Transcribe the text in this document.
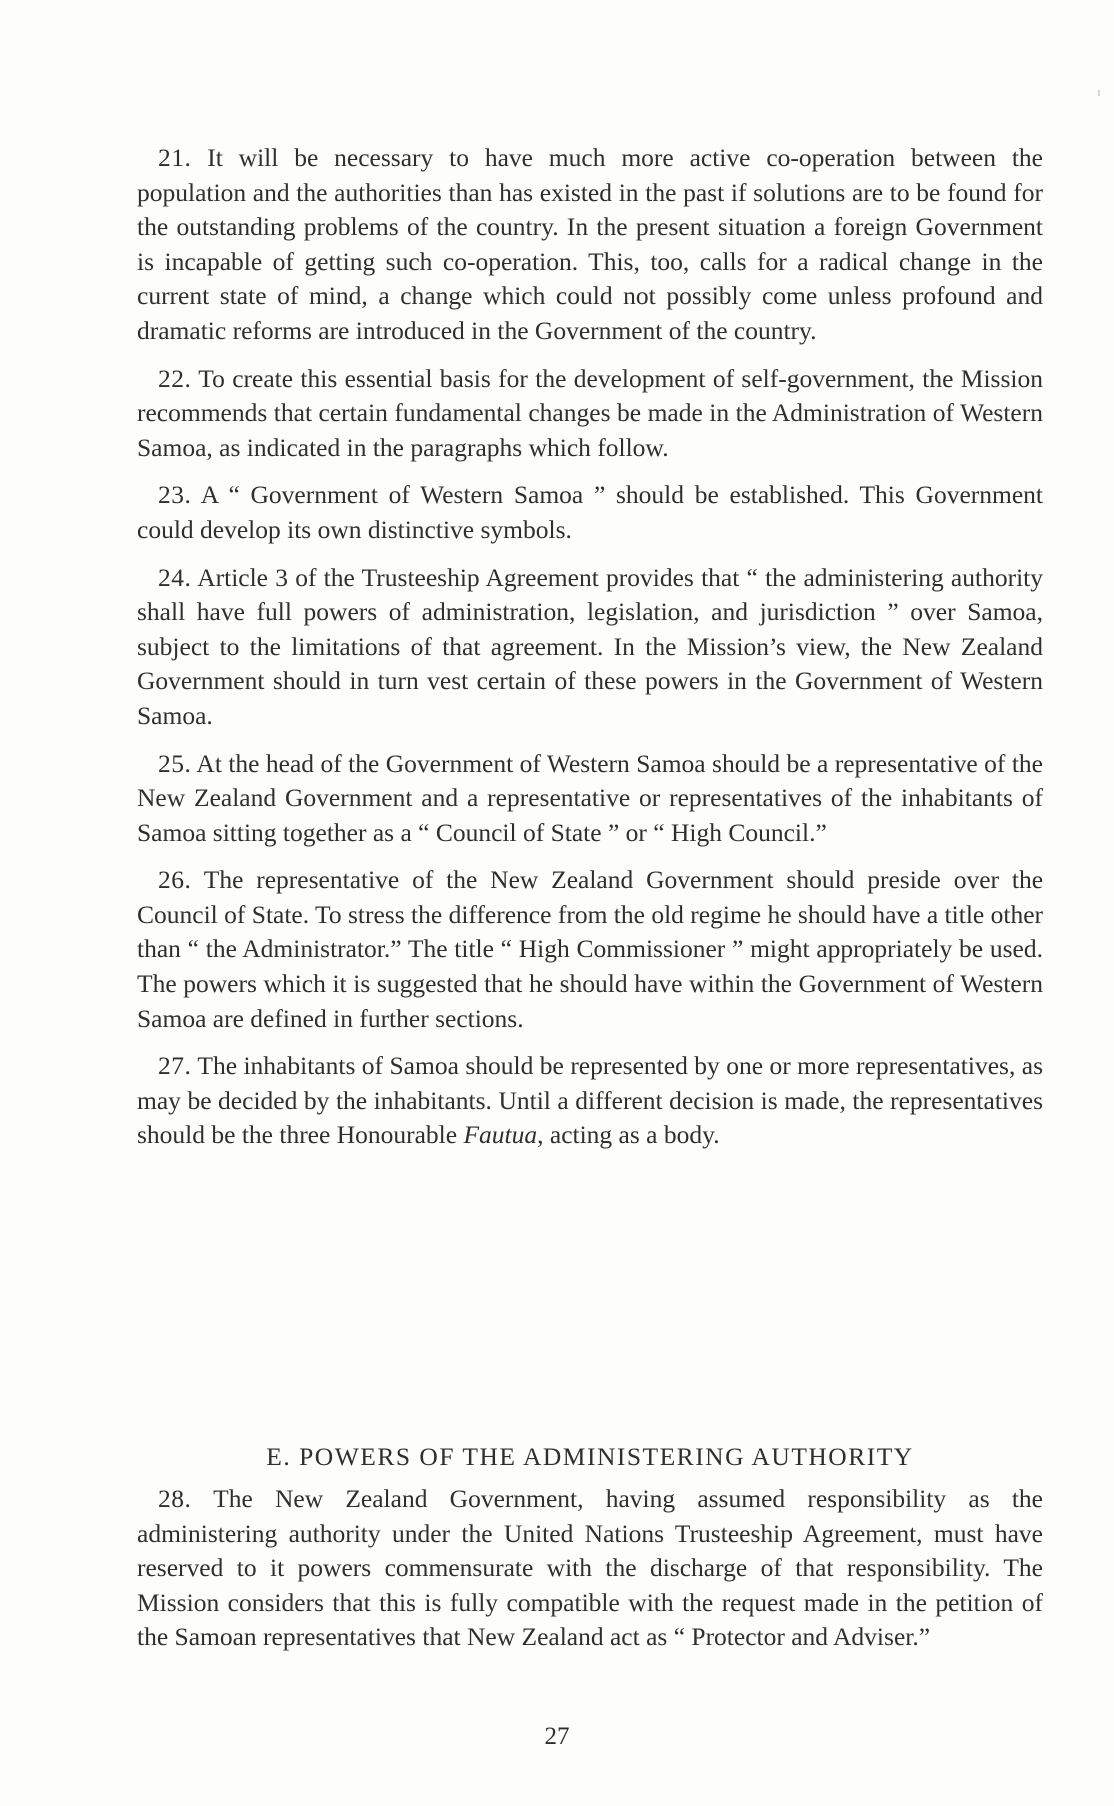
21. It will be necessary to have much more active co-operation between the population and the authorities than has existed in the past if solutions are to be found for the outstanding problems of the country. In the present situation a foreign Government is incapable of getting such co-operation. This, too, calls for a radical change in the current state of mind, a change which could not possibly come unless profound and dramatic reforms are introduced in the Government of the country.

22. To create this essential basis for the development of self-government, the Mission recommends that certain fundamental changes be made in the Administration of Western Samoa, as indicated in the paragraphs which follow.

23. A “ Government of Western Samoa ” should be established. This Government could develop its own distinctive symbols.

24. Article 3 of the Trusteeship Agreement provides that “ the administering authority shall have full powers of administration, legislation, and jurisdiction ” over Samoa, subject to the limitations of that agreement. In the Mission’s view, the New Zealand Government should in turn vest certain of these powers in the Government of Western Samoa.

25. At the head of the Government of Western Samoa should be a representative of the New Zealand Government and a representative or representatives of the inhabitants of Samoa sitting together as a “ Council of State ” or “ High Council.”

26. The representative of the New Zealand Government should preside over the Council of State. To stress the difference from the old regime he should have a title other than “ the Administrator.” The title “ High Commissioner ” might appropriately be used. The powers which it is suggested that he should have within the Government of Western Samoa are defined in further sections.

27. The inhabitants of Samoa should be represented by one or more representatives, as may be decided by the inhabitants. Until a different decision is made, the representatives should be the three Honourable Fautua, acting as a body.

E. POWERS OF THE ADMINISTERING AUTHORITY

28. The New Zealand Government, having assumed responsibility as the administering authority under the United Nations Trusteeship Agreement, must have reserved to it powers commensurate with the discharge of that responsibility. The Mission considers that this is fully compatible with the request made in the petition of the Samoan representatives that New Zealand act as “ Protector and Adviser.”

27
